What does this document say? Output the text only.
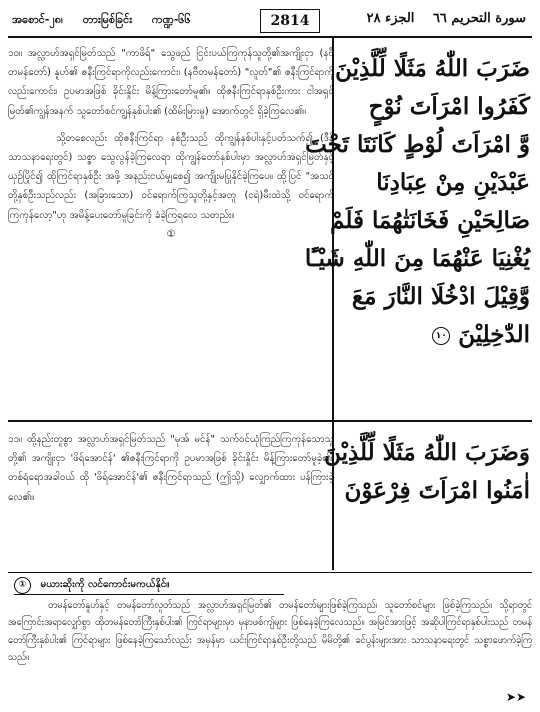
အစောင်-၂၈၊ တားမြစ်ခြင်း ကဏ္ဍ-၆၆	2814	سورة التحريم ٦٦ الجزء ٢٨

၁၀။ အလ္လာဟ်အရှင်မြတ်သည် "ကာဖိရ်" သွေဖည် ငြင်းပယ်ကြကုန်သူတို့၏အကျိုးငှာ (နဗီတမန်တော်) နူဟ်၏ ဇနီးကြင်ရာကိုလည်းကောင်း၊ (နဗီတမန်တော်) "လူတ်"၏ ဇနီးကြင်ရာကိုလည်းကောင်း၊ ဥပမာအဖြစ် ခိုင်းနှိုင်း မိန့်ကြားတော်မူ၏။ ထိုဇနီးကြင်ရာနှစ်ဦးကား ငါအရှင်မြတ်၏ကျွန်အနက် သူတော်စင်ကျွန်နှစ်ပါး၏ (ထိမ်းမြားမှု) အောက်တွင် ရှိခဲ့ကြလေ၏။

သို့တစေလည်း ထိုဇနီးကြင်ရာ နှစ်ဦးသည် ထိုကျွန်နှစ်ပါးနှင့်ပတ်သက်၍ (ဒီန်သာသနာရေးတွင်) သစ္စာ သွေလွန်ခဲ့ကြလေရာ ထိုကျွန်တော်နှစ်ပါးမှာ အလ္လာဟ်အရှင်မြတ်နှင့် ယှဉ်ပြိုင်၍ ထိုကြင်ရာနှစ်ဦး အဖို့ အနည်းငယ်မျှစေ၍ အကျိုးမပြုနိုင်ခဲ့ကြပေ။ ထို့ပြင် "အသင်တို့နှစ်ဦးသည်လည်း (အခြားသော) ဝင်ရောက်ကြသူတို့နှင့်အတူ (ငရဲ)မီးထဲသို့ ဝင်ရောက်ကြကုန်လော့"ဟု အမိန့်ပေးတော်မူခြင်းကို ခံခဲ့ကြရလေ သတည်း။

①
ضَرَبَ اللّٰهُ مَثَلًا لِّلَّذِيْنَ
كَفَرُوا امْرَاَتَ نُوْحٍ
وَّ امْرَاَتَ لُوْطٍ كَانَتَا تَحْتَ
عَبْدَيْنِ مِنْ عِبَادِنَا
صَالِحَيْنِ فَخَانَتٰهُمَا فَلَمْ
يُغْنِيَا عَنْهُمَا مِنَ اللّٰهِ شَيْـًٔا
وَّقِيْلَ ادْخُلَا النَّارَ مَعَ
الدّٰخِلِيْنَ ١٠

၁၁။ ထို့နည်းတူစွာ အလ္လာဟ်အရှင်မြတ်သည် "မုအ် မင်န်" သက်ဝင်ယုံကြည်ကြကုန်သောသူတို့၏ အကျိုးငှာ 'ဖိရ်အောင်န်' ၏ဇနီးကြင်ရာကို ဥပမာအဖြစ် ခိုင်းနှိုင်း မိန့်ကြားတော်မူခဲ့၏။ တစ်ရံရောအခါဝယ် ထို 'ဖိရ်အောင်န်'၏ ဇနီးကြင်ရာသည် (ဤသို့) လျှောက်ထား ပန်ကြားခဲ့လေ၏။

وَضَرَبَ اللّٰهُ مَثَلًا لِّلَّذِيْنَ
اٰمَنُوا امْرَاَتَ فِرْعَوْنَ
① မယားဆိုးကို လင်ကောင်းမကယ်နိုင်။

တမန်တော်နူဟ်နှင့် တမန်တော်လူတ်သည် အလ္လာဟ်အရှင်မြတ်၏ တမန်တော်များဖြစ်ခဲ့ကြသည်၊ သူတော်စင်များ ဖြစ်ခဲ့ကြသည်။ သို့ရာတွင် အကြောင်းအရာလျှော်စွာ ထိုတမန်တော်ကြီးနှစ်ပါး၏ ကြင်ရာများမှာ မုနာဖစ်ကျ်များ ဖြစ်နေခဲ့ကြလေသည်။ အမြင်အားဖြင့် အဆိုပါကြင်ရာနှစ်ပါးသည် တမန်တော်ကြီးနှစ်ပါး၏ ကြင်ရာများ ဖြစ်နေခဲ့ကြသော်လည်း အမှန်မှာ ယင်းကြင်ရာနှစ်ဦးတို့သည် မိမိတို့၏ ခင်ပွန်းများအား သာသနာရေးတွင် သစ္စာဖောက်ခဲ့ကြသည်။

➤➤
